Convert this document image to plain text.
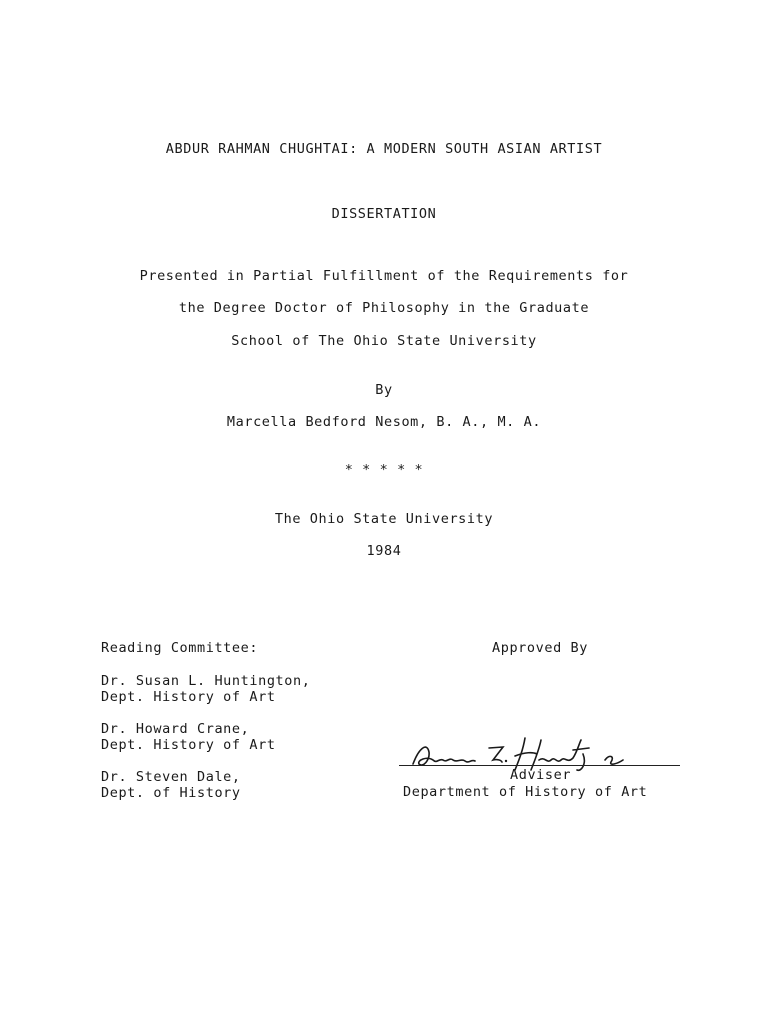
ABDUR RAHMAN CHUGHTAI: A MODERN SOUTH ASIAN ARTIST
DISSERTATION
Presented in Partial Fulfillment of the Requirements for
the Degree Doctor of Philosophy in the Graduate
School of The Ohio State University
By
Marcella Bedford Nesom, B. A., M. A.
* * * * *
The Ohio State University
1984
Reading Committee:
Dr. Susan L. Huntington,
Dept. History of Art
Dr. Howard Crane,
Dept. History of Art
Dr. Steven Dale,
Dept. of History
Approved By
Susan L. Huntington
Adviser
Department of History of Art
